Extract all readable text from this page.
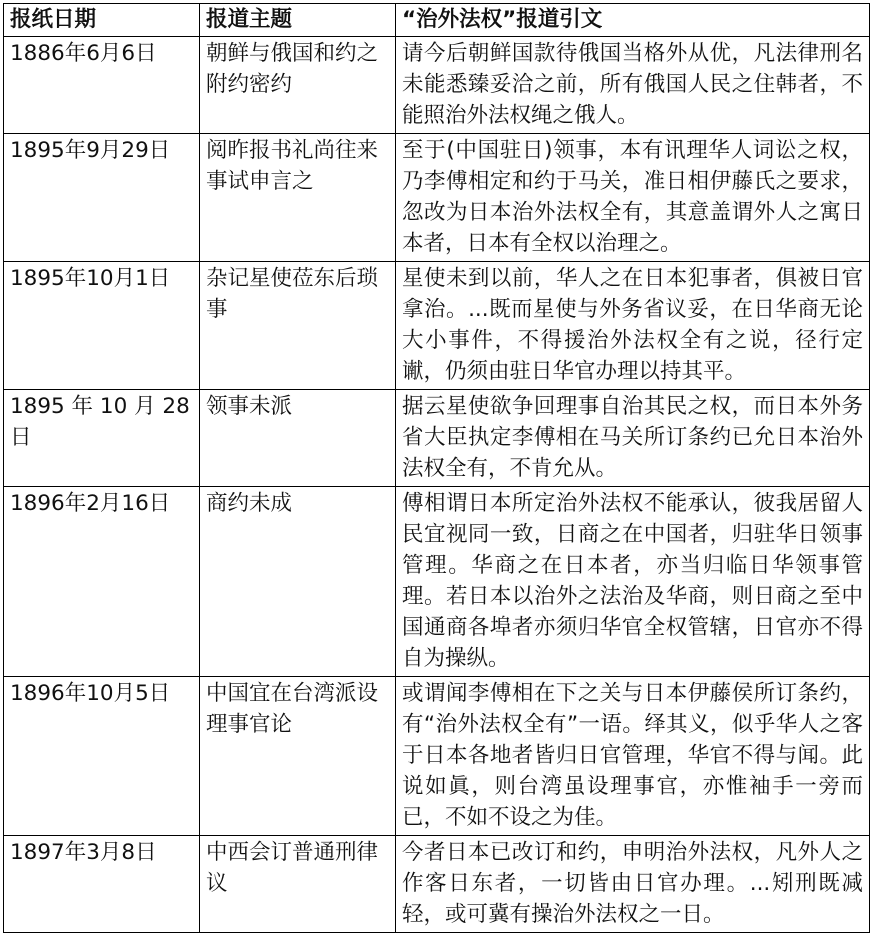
报纸日期	报道主题	“治外法权”报道引文
1886年6月6日	朝鲜与俄国和约之附约密约	请今后朝鲜国款待俄国当格外从优，凡法律刑名未能悉臻妥洽之前，所有俄国人民之住韩者，不能照治外法权绳之俄人。
1895年9月29日	阅昨报书礼尚往来事试申言之	至于(中国驻日)领事，本有讯理华人词讼之权，乃李傅相定和约于马关，准日相伊藤氏之要求，忽改为日本治外法权全有，其意盖谓外人之寓日本者，日本有全权以治理之。
1895年10月1日	杂记星使莅东后琐事	星使未到以前，华人之在日本犯事者，俱被日官拿治。...既而星使与外务省议妥，在日华商无论大小事件，不得援治外法权全有之说，径行定谳，仍须由驻日华官办理以持其平。
1895 年 10 月 28 日	领事未派	据云星使欲争回理事自治其民之权，而日本外务省大臣执定李傅相在马关所订条约已允日本治外法权全有，不肯允从。
1896年2月16日	商约未成	傅相谓日本所定治外法权不能承认，彼我居留人民宜视同一致，日商之在中国者，归驻华日领事管理。华商之在日本者，亦当归临日华领事管理。若日本以治外之法治及华商，则日商之至中国通商各埠者亦须归华官全权管辖，日官亦不得自为操纵。
1896年10月5日	中国宜在台湾派设理事官论	或谓闻李傅相在下之关与日本伊藤侯所订条约，有“治外法权全有”一语。绎其义，似乎华人之客于日本各地者皆归日官管理，华官不得与闻。此说如眞，则台湾虽设理事官，亦惟袖手一旁而已，不如不设之为佳。
1897年3月8日	中西会订普通刑律议	今者日本已改订和约，申明治外法权，凡外人之作客日东者，一切皆由日官办理。...矧刑既减轻，或可冀有操治外法权之一日。
